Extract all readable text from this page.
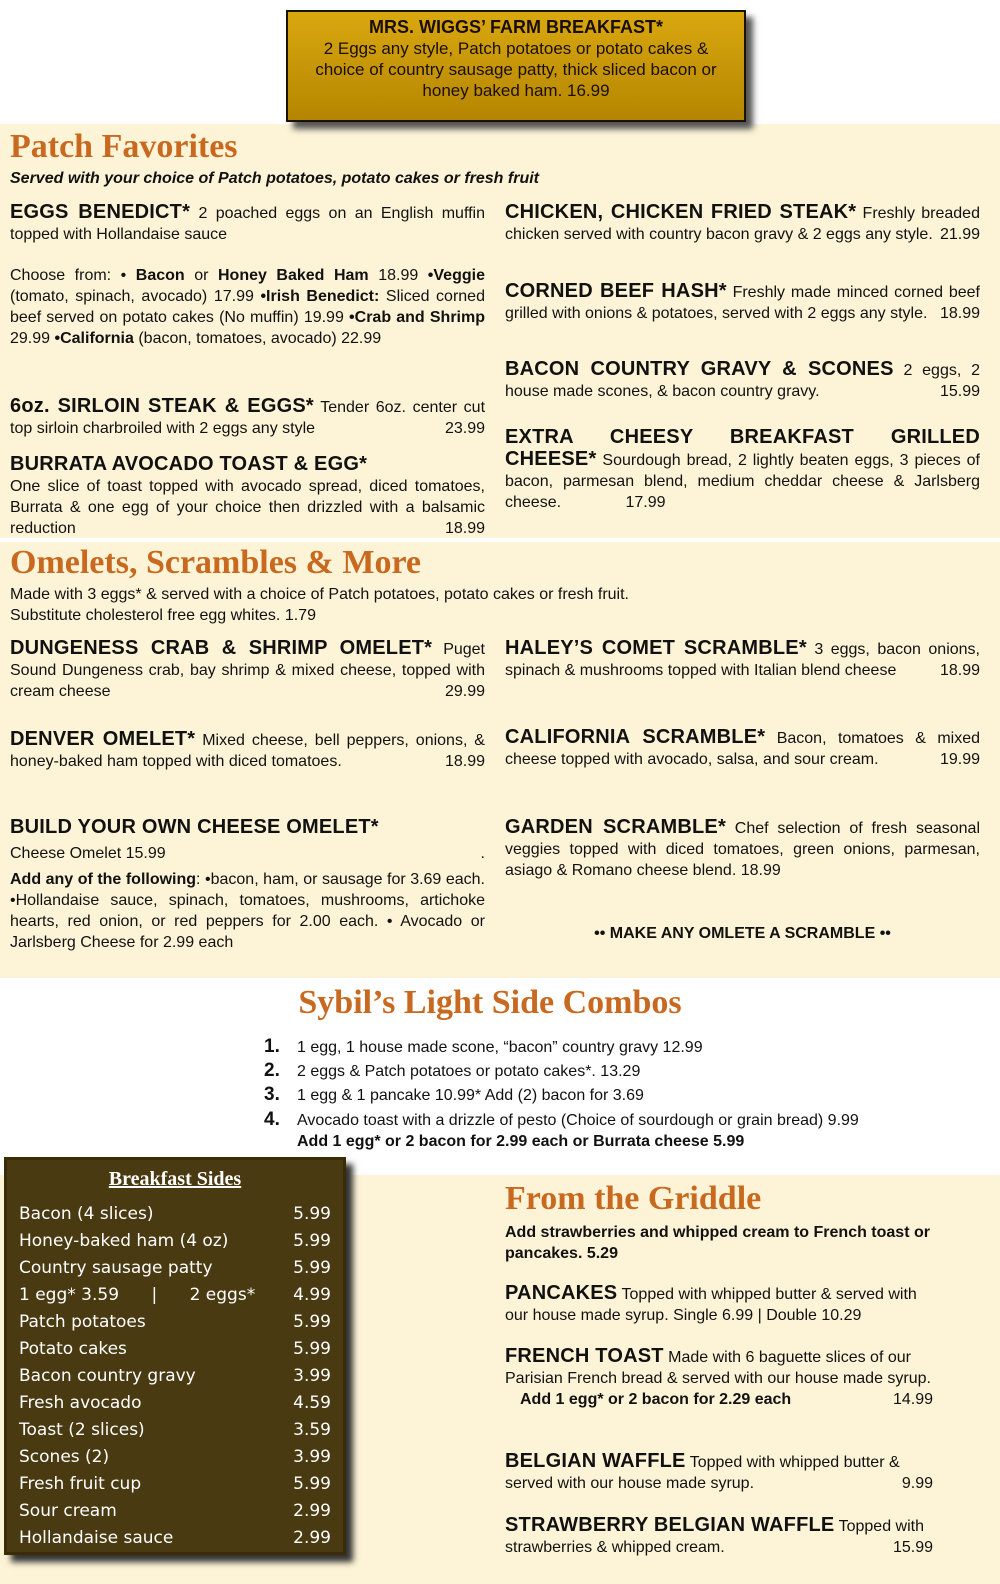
MRS. WIGGS’ FARM BREAKFAST*
2 Eggs any style, Patch potatoes or potato cakes & choice of country sausage patty, thick sliced bacon or honey baked ham. 16.99
Patch Favorites
Served with your choice of Patch potatoes, potato cakes or fresh fruit
EGGS BENEDICT* 2 poached eggs on an English muffin topped with Hollandaise sauce
Choose from: • Bacon or Honey Baked Ham 18.99 •Veggie (tomato, spinach, avocado) 17.99 •Irish Benedict: Sliced corned beef served on potato cakes (No muffin) 19.99 •Crab and Shrimp 29.99 •California (bacon, tomatoes, avocado) 22.99
6oz. SIRLOIN STEAK & EGGS* Tender 6oz. center cut top sirloin charbroiled with 2 eggs any style	23.99
BURRATA AVOCADO TOAST & EGG*
One slice of toast topped with avocado spread, diced tomatoes, Burrata & one egg of your choice then drizzled with a balsamic reduction	18.99
CHICKEN, CHICKEN FRIED STEAK* Freshly breaded chicken served with country bacon gravy & 2 eggs any style. 21.99
CORNED BEEF HASH* Freshly made minced corned beef grilled with onions & potatoes, served with 2 eggs any style. 18.99
BACON COUNTRY GRAVY & SCONES 2 eggs, 2 house made scones, & bacon country gravy.	15.99
EXTRA CHEESY BREAKFAST GRILLED CHEESE* Sourdough bread, 2 lightly beaten eggs, 3 pieces of bacon, parmesan blend, medium cheddar cheese & Jarlsberg cheese.	17.99
Omelets, Scrambles & More
Made with 3 eggs* & served with a choice of Patch potatoes, potato cakes or fresh fruit.
Substitute cholesterol free egg whites. 1.79
DUNGENESS CRAB & SHRIMP OMELET* Puget Sound Dungeness crab, bay shrimp & mixed cheese, topped with cream cheese	29.99
DENVER OMELET* Mixed cheese, bell peppers, onions, & honey-baked ham topped with diced tomatoes.	18.99
BUILD YOUR OWN CHEESE OMELET*
Cheese Omelet 15.99	.
Add any of the following: •bacon, ham, or sausage for 3.69 each. •Hollandaise sauce, spinach, tomatoes, mushrooms, artichoke hearts, red onion, or red peppers for 2.00 each. • Avocado or Jarlsberg Cheese for 2.99 each
HALEY’S COMET SCRAMBLE* 3 eggs, bacon onions, spinach & mushrooms topped with Italian blend cheese	18.99
CALIFORNIA SCRAMBLE* Bacon, tomatoes & mixed cheese topped with avocado, salsa, and sour cream.	19.99
GARDEN SCRAMBLE* Chef selection of fresh seasonal veggies topped with diced tomatoes, green onions, parmesan, asiago & Romano cheese blend. 18.99
•• MAKE ANY OMLETE A SCRAMBLE ••
Sybil’s Light Side Combos
1. 1 egg, 1 house made scone, “bacon” country gravy 12.99
2. 2 eggs & Patch potatoes or potato cakes*. 13.29
3. 1 egg & 1 pancake 10.99* Add (2) bacon for 3.69
4. Avocado toast with a drizzle of pesto (Choice of sourdough or grain bread) 9.99
Add 1 egg* or 2 bacon for 2.99 each or Burrata cheese 5.99
Breakfast Sides
Bacon (4 slices)	5.99
Honey-baked ham (4 oz)	5.99
Country sausage patty	5.99
1 egg* 3.59      |      2 eggs* 4.99
Patch potatoes	5.99
Potato cakes	5.99
Bacon country gravy	3.99
Fresh avocado	4.59
Toast (2 slices)	3.59
Scones (2)	3.99
Fresh fruit cup	5.99
Sour cream	2.99
Hollandaise sauce	2.99
From the Griddle
Add strawberries and whipped cream to French toast or pancakes. 5.29
PANCAKES Topped with whipped butter & served with our house made syrup. Single 6.99 | Double 10.29
FRENCH TOAST Made with 6 baguette slices of our Parisian French bread & served with our house made syrup.
14.99
Add 1 egg* or 2 bacon for 2.29 each
BELGIAN WAFFLE Topped with whipped butter & served with our house made syrup.	9.99
STRAWBERRY BELGIAN WAFFLE Topped with strawberries & whipped cream.	15.99
